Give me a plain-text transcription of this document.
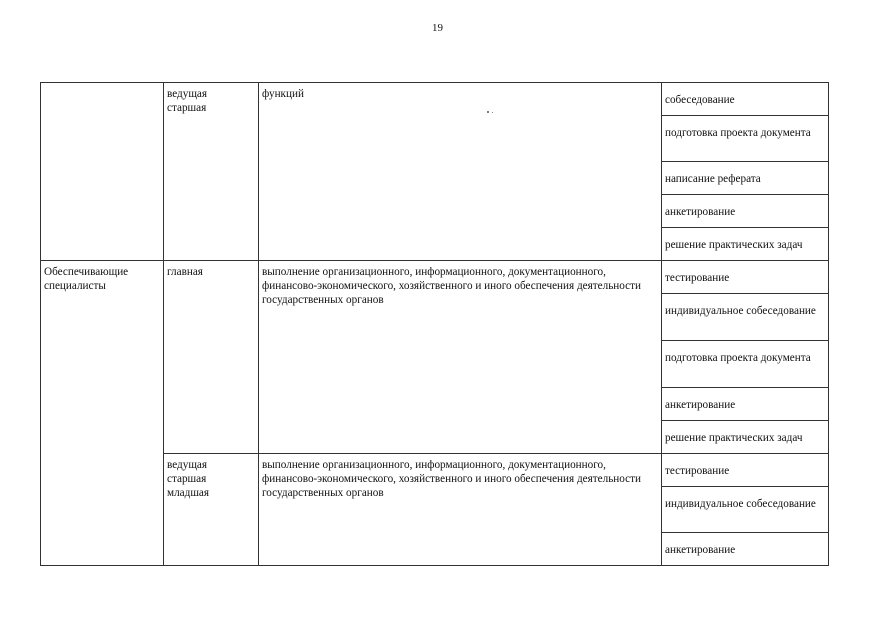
19

	ведущая
старшая	функций	собеседование

			подготовка проекта документа

			написание реферата

			анкетирование

			решение практических задач

Обеспечивающие специалисты	главная	выполнение организационного, информационного, документационного, финансово-экономического, хозяйственного и иного обеспечения деятельности государственных органов	тестирование

			индивидуальное собеседование

			подготовка проекта документа

			анкетирование

			решение практических задач

	ведущая
старшая
младшая	выполнение организационного, информационного, документационного, финансово-экономического, хозяйственного и иного обеспечения деятельности государственных органов	тестирование

			индивидуальное собеседование

			анкетирование
